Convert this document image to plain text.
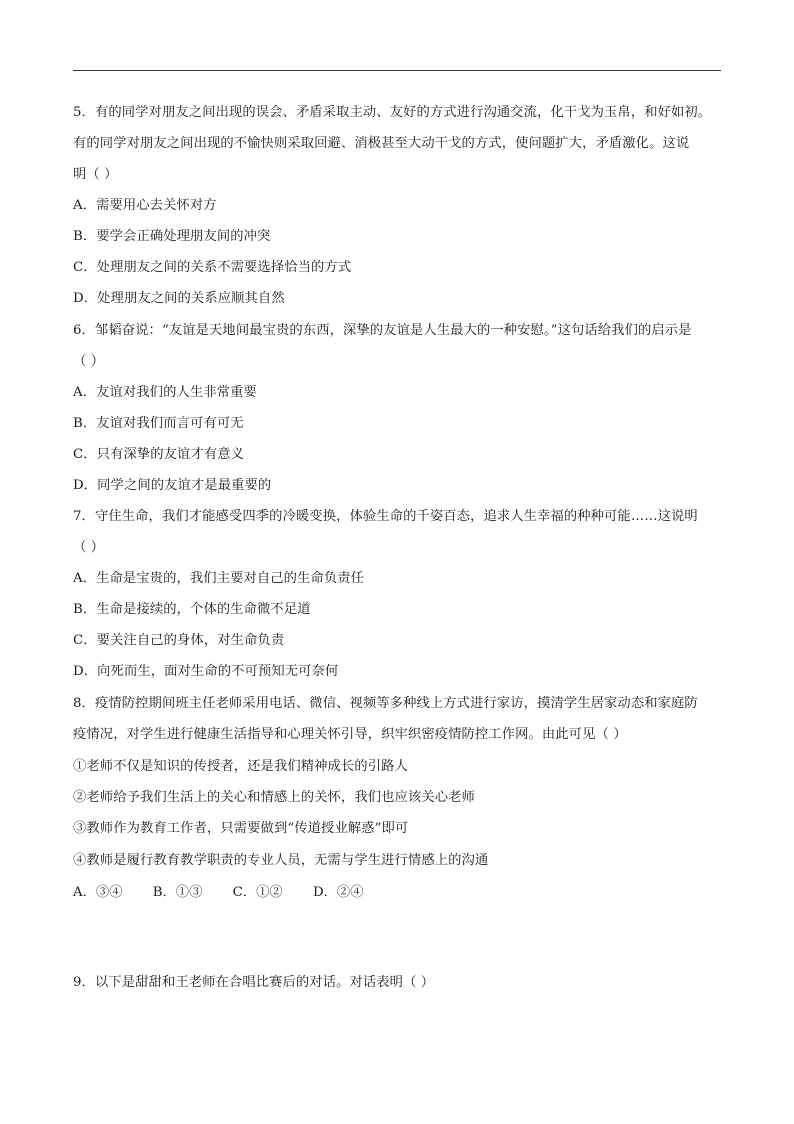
5．有的同学对朋友之间出现的误会、矛盾采取主动、友好的方式进行沟通交流，化干戈为玉帛，和好如初。
有的同学对朋友之间出现的不愉快则采取回避、消极甚至大动干戈的方式，使问题扩大，矛盾激化。这说
明（ ）
A．需要用心去关怀对方
B．要学会正确处理朋友间的冲突
C．处理朋友之间的关系不需要选择恰当的方式
D．处理朋友之间的关系应顺其自然
6．邹韬奋说：“友谊是天地间最宝贵的东西，深挚的友谊是人生最大的一种安慰。”这句话给我们的启示是
（ ）
A．友谊对我们的人生非常重要
B．友谊对我们而言可有可无
C．只有深挚的友谊才有意义
D．同学之间的友谊才是最重要的
7．守住生命，我们才能感受四季的冷暖变换，体验生命的千姿百态，追求人生幸福的种种可能……这说明
（ ）
A．生命是宝贵的，我们主要对自己的生命负责任
B．生命是接续的，个体的生命微不足道
C．要关注自己的身体，对生命负责
D．向死而生，面对生命的不可预知无可奈何
8．疫情防控期间班主任老师采用电话、微信、视频等多种线上方式进行家访，摸清学生居家动态和家庭防
疫情况，对学生进行健康生活指导和心理关怀引导，织牢织密疫情防控工作网。由此可见（ ）
①老师不仅是知识的传授者，还是我们精神成长的引路人
②老师给予我们生活上的关心和情感上的关怀，我们也应该关心老师
③教师作为教育工作者，只需要做到“传道授业解惑”即可
④教师是履行教育教学职责的专业人员，无需与学生进行情感上的沟通
A．③④ B．①③ C．①② D．②④
9．以下是甜甜和王老师在合唱比赛后的对话。对话表明（ ）
